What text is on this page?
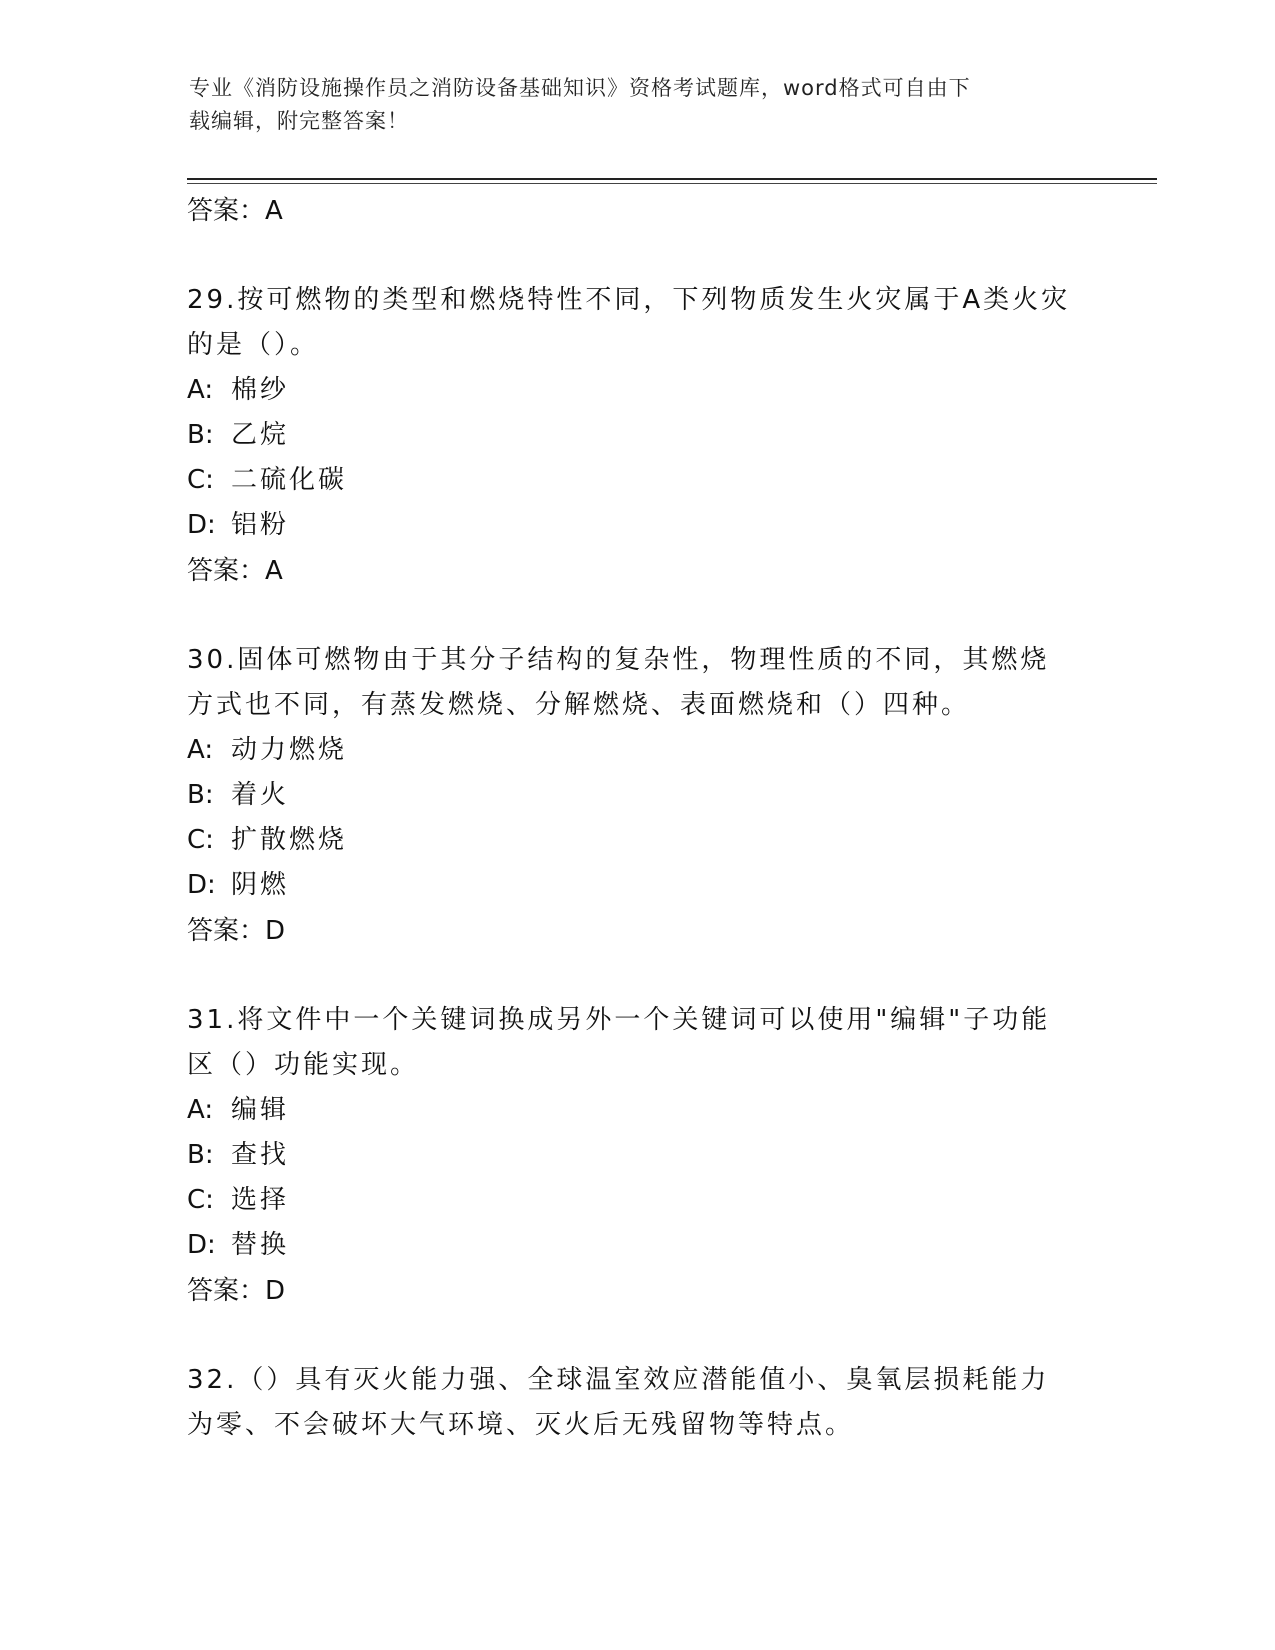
专业《消防设施操作员之消防设备基础知识》资格考试题库，word格式可自由下
载编辑，附完整答案！
答案：A
29.按可燃物的类型和燃烧特性不同，下列物质发生火灾属于A类火灾的是（）。
A: 棉纱
B: 乙烷
C: 二硫化碳
D: 铝粉
答案：A
30.固体可燃物由于其分子结构的复杂性，物理性质的不同，其燃烧方式也不同，有蒸发燃烧、分解燃烧、表面燃烧和（）四种。
A: 动力燃烧
B: 着火
C: 扩散燃烧
D: 阴燃
答案：D
31.将文件中一个关键词换成另外一个关键词可以使用"编辑"子功能区（）功能实现。
A: 编辑
B: 查找
C: 选择
D: 替换
答案：D
32.（）具有灭火能力强、全球温室效应潜能值小、臭氧层损耗能力为零、不会破坏大气环境、灭火后无残留物等特点。
